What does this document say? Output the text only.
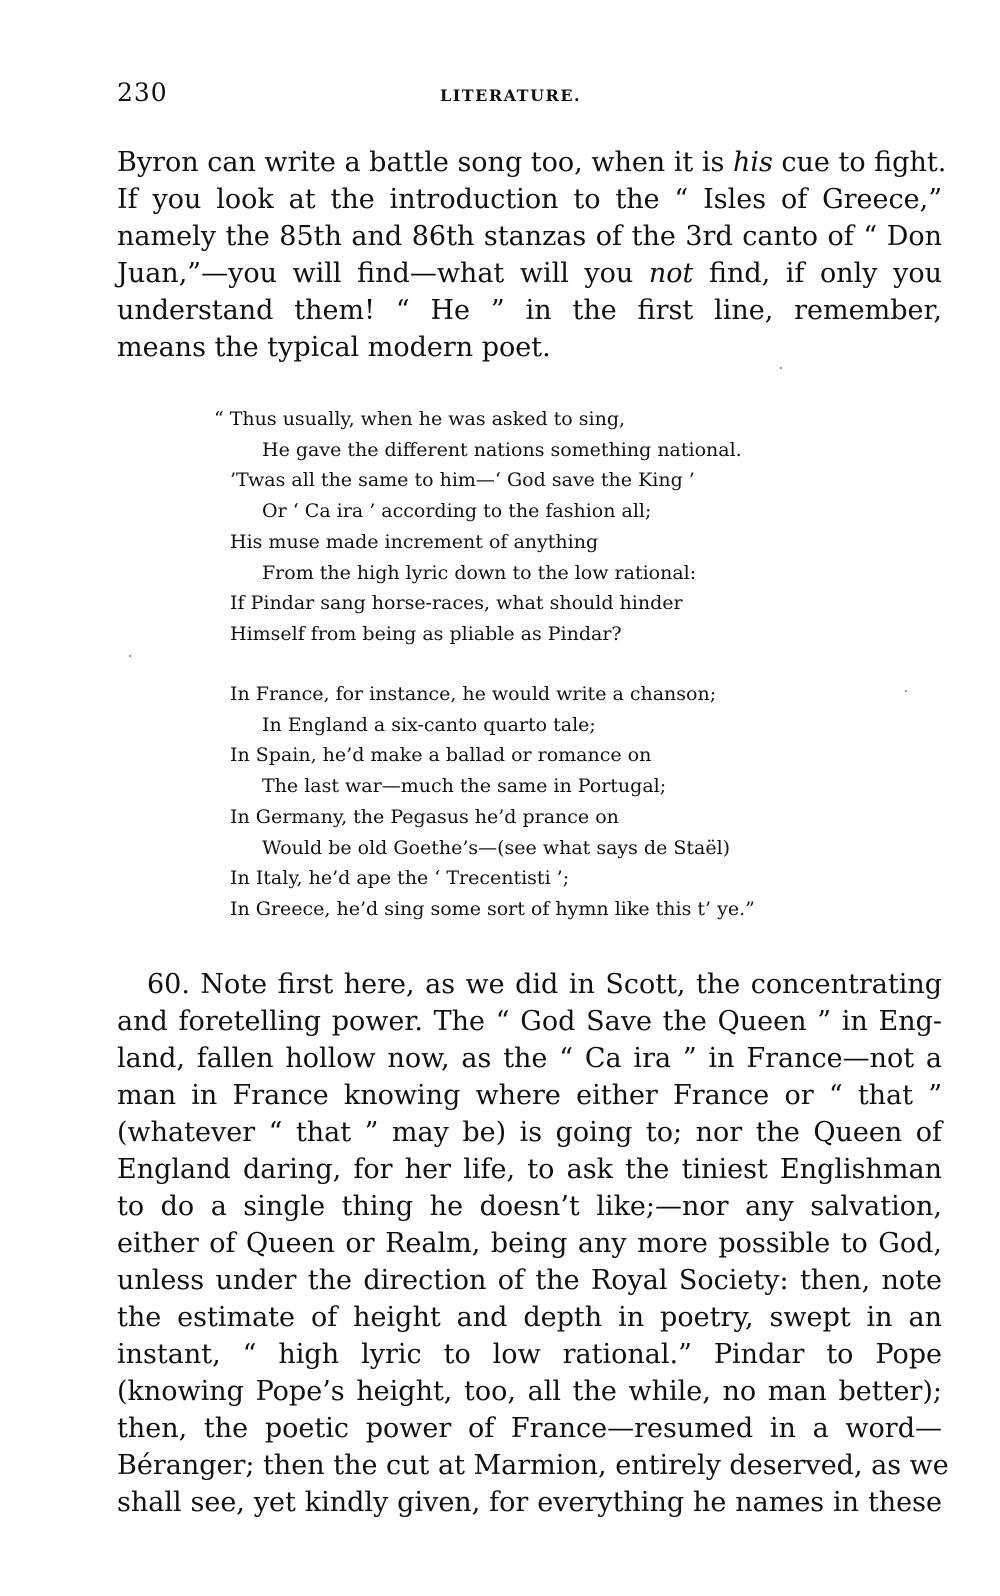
230	LITERATURE.
Byron can write a battle song too, when it is his cue to fight.
If you look at the introduction to the “ Isles of Greece,”
namely the 85th and 86th stanzas of the 3rd canto of “ Don
Juan,”—you will find—what will you not find, if only you
understand them! “ He ” in the first line, remember,
means the typical modern poet.
“ Thus usually, when he was asked to sing,
He gave the different nations something national.
’Twas all the same to him—‘ God save the King ’
Or ‘ Ca ira ’ according to the fashion all;
His muse made increment of anything
From the high lyric down to the low rational:
If Pindar sang horse-races, what should hinder
Himself from being as pliable as Pindar?
In France, for instance, he would write a chanson;
In England a six-canto quarto tale;
In Spain, he’d make a ballad or romance on
The last war—much the same in Portugal;
In Germany, the Pegasus he’d prance on
Would be old Goethe’s—(see what says de Staël)
In Italy, he’d ape the ‘ Trecentisti ’;
In Greece, he’d sing some sort of hymn like this t’ ye.”
60. Note first here, as we did in Scott, the concentrating
and foretelling power. The “ God Save the Queen ” in Eng-
land, fallen hollow now, as the “ Ca ira ” in France—not a
man in France knowing where either France or “ that ”
(whatever “ that ” may be) is going to; nor the Queen of
England daring, for her life, to ask the tiniest Englishman
to do a single thing he doesn’t like;—nor any salvation,
either of Queen or Realm, being any more possible to God,
unless under the direction of the Royal Society: then, note
the estimate of height and depth in poetry, swept in an
instant, “ high lyric to low rational.” Pindar to Pope
(knowing Pope’s height, too, all the while, no man better);
then, the poetic power of France—resumed in a word—
Béranger; then the cut at Marmion, entirely deserved, as we
shall see, yet kindly given, for everything he names in these
